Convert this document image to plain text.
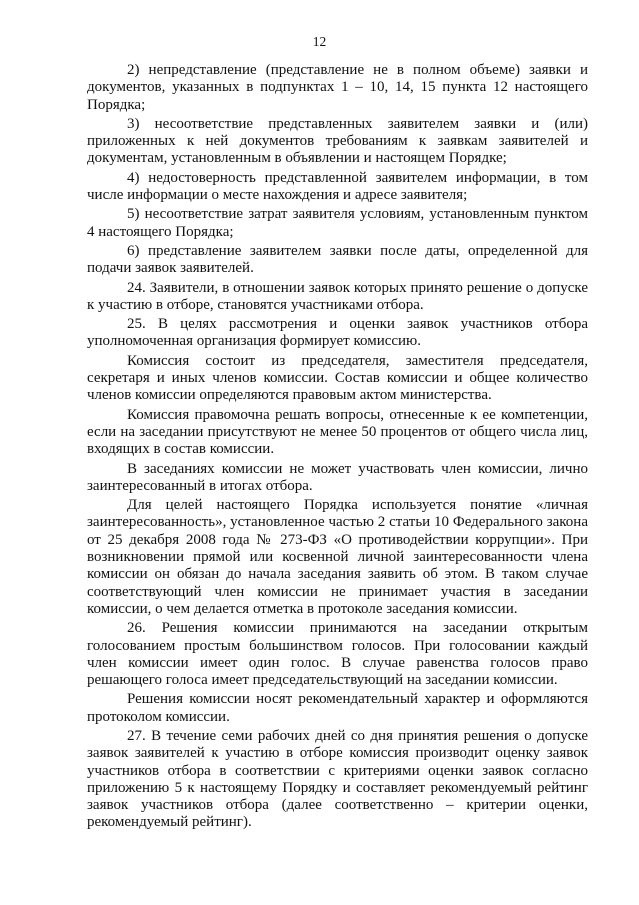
12

2) непредставление (представление не в полном объеме) заявки и документов, указанных в подпунктах 1 – 10, 14, 15 пункта 12 настоящего Порядка;

3) несоответствие представленных заявителем заявки и (или) приложенных к ней документов требованиям к заявкам заявителей и документам, установленным в объявлении и настоящем Порядке;

4) недостоверность представленной заявителем информации, в том числе информации о месте нахождения и адресе заявителя;

5) несоответствие затрат заявителя условиям, установленным пунктом 4 настоящего Порядка;

6) представление заявителем заявки после даты, определенной для подачи заявок заявителей.

24. Заявители, в отношении заявок которых принято решение о допуске к участию в отборе, становятся участниками отбора.

25. В целях рассмотрения и оценки заявок участников отбора уполномоченная организация формирует комиссию.

Комиссия состоит из председателя, заместителя председателя, секретаря и иных членов комиссии. Состав комиссии и общее количество членов комиссии определяются правовым актом министерства.

Комиссия правомочна решать вопросы, отнесенные к ее компетенции, если на заседании присутствуют не менее 50 процентов от общего числа лиц, входящих в состав комиссии.

В заседаниях комиссии не может участвовать член комиссии, лично заинтересованный в итогах отбора.

Для целей настоящего Порядка используется понятие «личная заинтересованность», установленное частью 2 статьи 10 Федерального закона от 25 декабря 2008 года № 273-ФЗ «О противодействии коррупции». При возникновении прямой или косвенной личной заинтересованности члена комиссии он обязан до начала заседания заявить об этом. В таком случае соответствующий член комиссии не принимает участия в заседании комиссии, о чем делается отметка в протоколе заседания комиссии.

26. Решения комиссии принимаются на заседании открытым голосованием простым большинством голосов. При голосовании каждый член комиссии имеет один голос. В случае равенства голосов право решающего голоса имеет председательствующий на заседании комиссии.

Решения комиссии носят рекомендательный характер и оформляются протоколом комиссии.

27. В течение семи рабочих дней со дня принятия решения о допуске заявок заявителей к участию в отборе комиссия производит оценку заявок участников отбора в соответствии с критериями оценки заявок согласно приложению 5 к настоящему Порядку и составляет рекомендуемый рейтинг заявок участников отбора (далее соответственно – критерии оценки, рекомендуемый рейтинг).
